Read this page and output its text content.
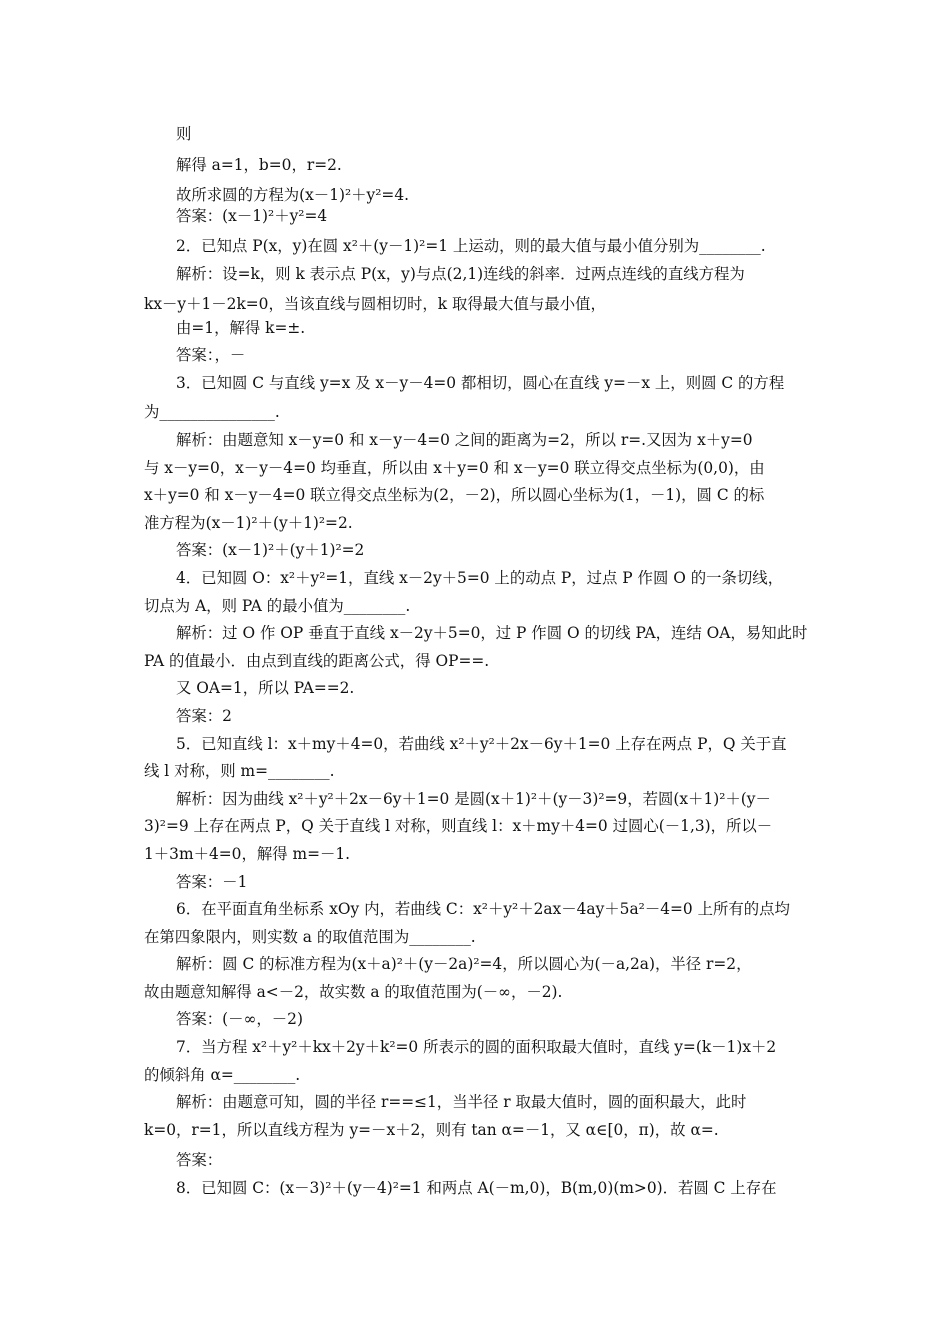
则
解得 a=1，b=0，r=2.
故所求圆的方程为(x－1)²＋y²=4.
答案：(x－1)²＋y²=4
2．已知点 P(x，y)在圆 x²＋(y－1)²=1 上运动，则的最大值与最小值分别为________.
解析：设=k，则 k 表示点 P(x，y)与点(2,1)连线的斜率．过两点连线的直线方程为
kx－y＋1－2k=0，当该直线与圆相切时，k 取得最大值与最小值，
由=1，解得 k=±.
答案：，－
3．已知圆 C 与直线 y=x 及 x－y－4=0 都相切，圆心在直线 y=－x 上，则圆 C 的方程
为_______________.
解析：由题意知 x－y=0 和 x－y－4=0 之间的距离为=2，所以 r=.又因为 x＋y=0
与 x－y=0，x－y－4=0 均垂直，所以由 x＋y=0 和 x－y=0 联立得交点坐标为(0,0)，由
x＋y=0 和 x－y－4=0 联立得交点坐标为(2，－2)，所以圆心坐标为(1，－1)，圆 C 的标
准方程为(x－1)²＋(y＋1)²=2.
答案：(x－1)²＋(y＋1)²=2
4．已知圆 O：x²＋y²=1，直线 x－2y＋5=0 上的动点 P，过点 P 作圆 O 的一条切线，
切点为 A，则 PA 的最小值为________.
解析：过 O 作 OP 垂直于直线 x－2y＋5=0，过 P 作圆 O 的切线 PA，连结 OA，易知此时
PA 的值最小．由点到直线的距离公式，得 OP==.
又 OA=1，所以 PA==2.
答案：2
5．已知直线 l：x＋my＋4=0，若曲线 x²＋y²＋2x－6y＋1=0 上存在两点 P，Q 关于直
线 l 对称，则 m=________.
解析：因为曲线 x²＋y²＋2x－6y＋1=0 是圆(x＋1)²＋(y－3)²=9，若圆(x＋1)²＋(y－
3)²=9 上存在两点 P，Q 关于直线 l 对称，则直线 l：x＋my＋4=0 过圆心(－1,3)，所以－
1＋3m＋4=0，解得 m=－1.
答案：－1
6．在平面直角坐标系 xOy 内，若曲线 C：x²＋y²＋2ax－4ay＋5a²－4=0 上所有的点均
在第四象限内，则实数 a 的取值范围为________.
解析：圆 C 的标准方程为(x＋a)²＋(y－2a)²=4，所以圆心为(－a,2a)，半径 r=2，
故由题意知解得 a<－2，故实数 a 的取值范围为(－∞，－2).
答案：(－∞，－2)
7．当方程 x²＋y²＋kx＋2y＋k²=0 所表示的圆的面积取最大值时，直线 y=(k－1)x＋2
的倾斜角 α=________.
解析：由题意可知，圆的半径 r==≤1，当半径 r 取最大值时，圆的面积最大，此时
k=0，r=1，所以直线方程为 y=－x＋2，则有 tan α=－1，又 α∈[0，π)，故 α=.
答案：
8．已知圆 C：(x－3)²＋(y－4)²=1 和两点 A(－m,0)，B(m,0)(m>0)．若圆 C 上存在
